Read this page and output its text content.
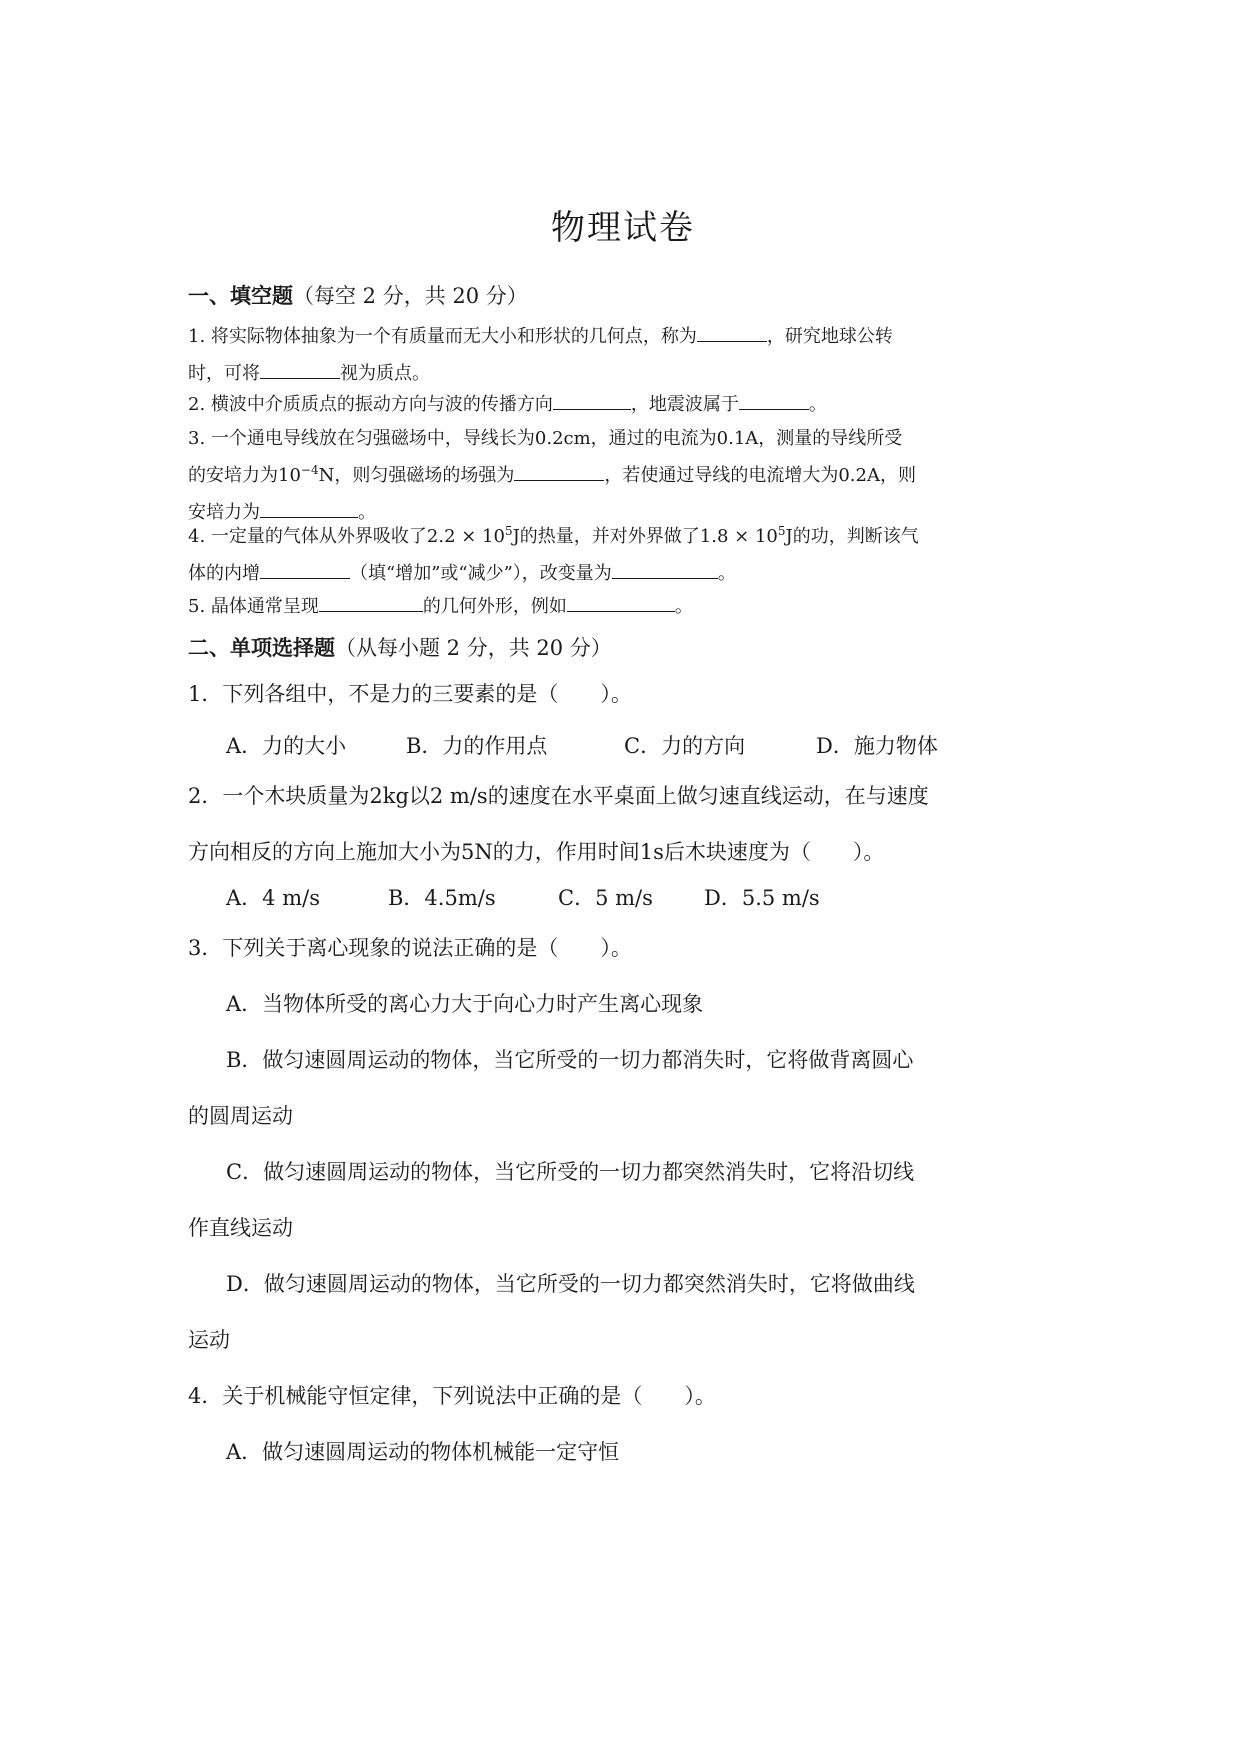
物理试卷
一、填空题（每空 2 分，共 20 分）
1. 将实际物体抽象为一个有质量而无大小和形状的几何点，称为	，研究地球公转
时，可将	视为质点。
2. 横波中介质质点的振动方向与波的传播方向	，地震波属于	。
3. 一个通电导线放在匀强磁场中，导线长为0.2cm，通过的电流为0.1A，测量的导线所受
的安培力为$10^{-4}N$，则匀强磁场的场强为	，若使通过导线的电流增大为0.2A，则
安培力为	。
4. 一定量的气体从外界吸收了$2.2 \times 10^5J$的热量，并对外界做了$1.8 \times 10^5J$的功，判断该气
体的内增	（填“增加”或“减少”），改变量为	。
5. 晶体通常呈现	的几何外形，例如	。
二、单项选择题（从每小题 2 分，共 20 分）
1．下列各组中，不是力的三要素的是（　　）。
A．力的大小	B．力的作用点	C．力的方向	D．施力物体
2．一个木块质量为2kg以2 m/s的速度在水平桌面上做匀速直线运动，在与速度
方向相反的方向上施加大小为5N的力，作用时间1s后木块速度为（　　）。
A．4 m/s	B．4.5m/s	C．5 m/s D．5.5 m/s
3．下列关于离心现象的说法正确的是（　　）。
A．当物体所受的离心力大于向心力时产生离心现象
B．做匀速圆周运动的物体，当它所受的一切力都消失时，它将做背离圆心
的圆周运动
C．做匀速圆周运动的物体，当它所受的一切力都突然消失时，它将沿切线
作直线运动
D．做匀速圆周运动的物体，当它所受的一切力都突然消失时，它将做曲线
运动
4．关于机械能守恒定律，下列说法中正确的是（　　）。
A．做匀速圆周运动的物体机械能一定守恒
